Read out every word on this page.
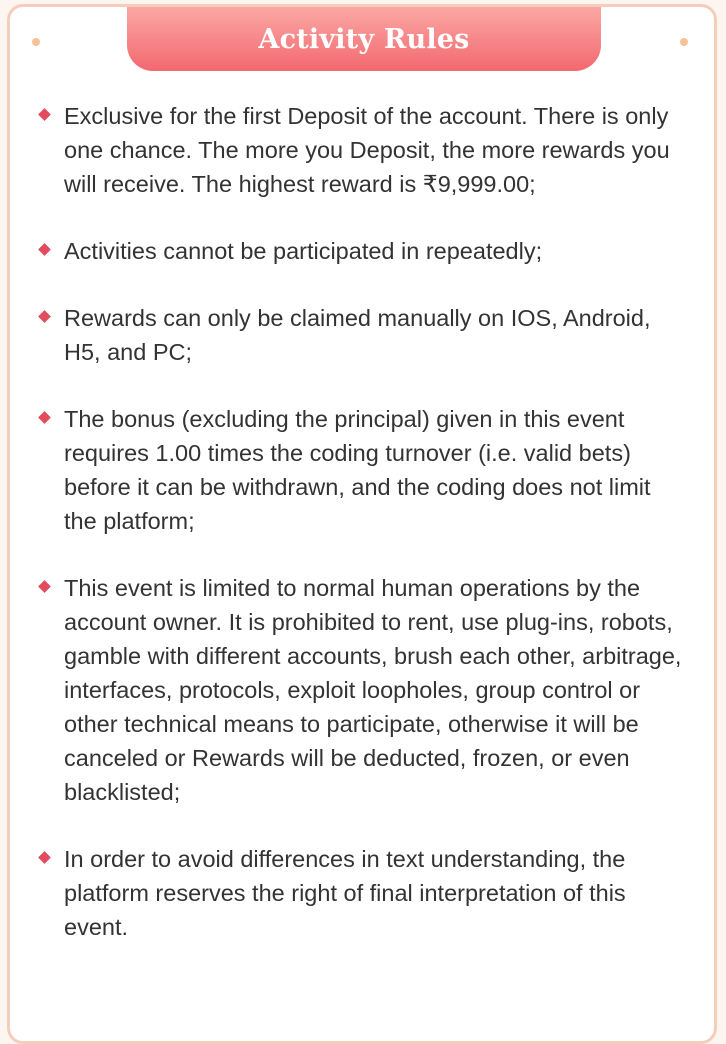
Activity Rules
Exclusive for the first Deposit of the account. There is only one chance. The more you Deposit, the more rewards you will receive. The highest reward is ₹9,999.00;
Activities cannot be participated in repeatedly;
Rewards can only be claimed manually on IOS, Android, H5, and PC;
The bonus (excluding the principal) given in this event requires 1.00 times the coding turnover (i.e. valid bets) before it can be withdrawn, and the coding does not limit the platform;
This event is limited to normal human operations by the account owner. It is prohibited to rent, use plug-ins, robots, gamble with different accounts, brush each other, arbitrage, interfaces, protocols, exploit loopholes, group control or other technical means to participate, otherwise it will be canceled or Rewards will be deducted, frozen, or even blacklisted;
In order to avoid differences in text understanding, the platform reserves the right of final interpretation of this event.
